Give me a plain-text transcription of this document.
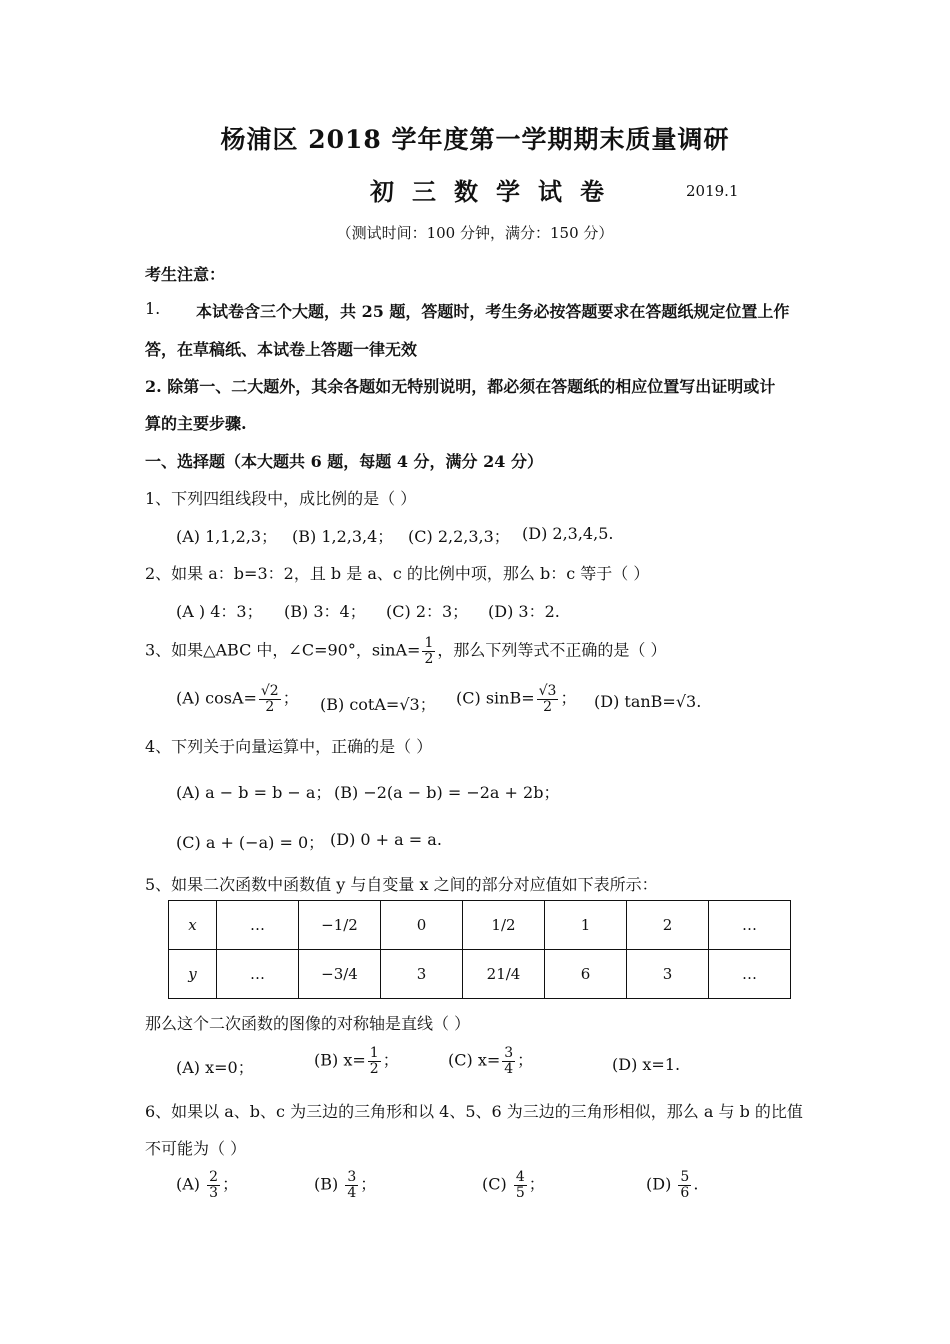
杨浦区 2018 学年度第一学期期末质量调研
初三数学试卷	2019.1
（测试时间：100 分钟，满分：150 分）
考生注意：
1. 本试卷含三个大题，共 25 题，答题时，考生务必按答题要求在答题纸规定位置上作
答，在草稿纸、本试卷上答题一律无效
2. 除第一、二大题外，其余各题如无特别说明，都必须在答题纸的相应位置写出证明或计
算的主要步骤.
一、选择题（本大题共 6 题，每题 4 分，满分 24 分）
1、下列四组线段中，成比例的是（ ）
(A) 1,1,2,3； (B) 1,2,3,4； (C) 2,2,3,3； (D) 2,3,4,5.
2、如果 a：b=3：2，且 b 是 a、c 的比例中项，那么 b：c 等于（ ）
(A ) 4：3； (B) 3：4； (C) 2：3； (D) 3：2.
3、如果△ABC 中，∠C=90°，$\sin A= \frac{1}{2}$ ，那么下列等式不正确的是（ ）
(A) $\cos A= \frac{√2}{2}$ ； (B) cotA=√3； (C) $\sin B= \frac{√3}{2}$ ； (D) tanB=√3.
4、下列关于向量运算中，正确的是（ ）
(A) a − b = b − a； (B) −2(a − b) = −2a + 2b；
(C) a + (−a) = 0； (D) 0 + a = a.
5、如果二次函数中函数值 y 与自变量 x 之间的部分对应值如下表所示：
x	…	−1/2	0	1/2	1	2	…
y	…	−3/4	3	21/4	6	3	…
那么这个二次函数的图像的对称轴是直线（ ）
(A) x=0；	(B) $x= \frac{1}{2}$ ；	(C) $x= \frac{3}{4}$ ；	(D) x=1.
6、如果以 a、b、c 为三边的三角形和以 4、5、6 为三边的三角形相似，那么 a 与 b 的比值
不可能为（ ）
$(A) \frac{2}{3}$ ；	$(B) \frac{3}{4}$ ；	$(C) \frac{4}{5}$ ；	$(D) \frac{5}{6}$ .
